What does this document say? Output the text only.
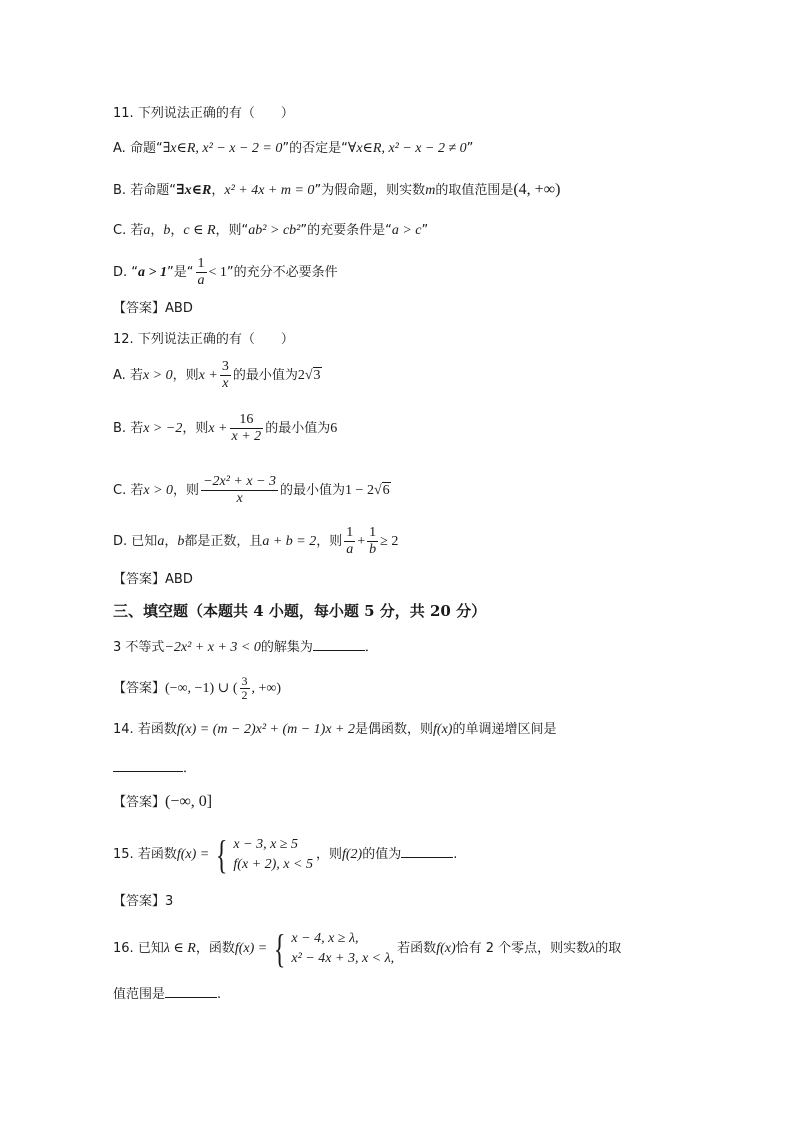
11. 下列说法正确的有（　　）
A. 命题“∃x∈R, x² − x − 2 = 0”的否定是“∀x∈R, x² − x − 2 ≠ 0”
B. 若命题“∃x∈R，x² + 4x + m = 0”为假命题，则实数m的取值范围是(4, +∞)
C. 若a，b，c ∈ R，则“ab² > cb²”的充要条件是“a > c”
D. “a > 1”是“ $\frac{1}{a} < 1$”的充分不必要条件
【答案】ABD
12. 下列说法正确的有（　　）
A. 若x > 0，则$x + \frac{3}{x}$ 的最小值为2√3
B. 若x > −2，则$x + \frac{16}{x + 2}$ 的最小值为6
C. 若x > 0，则 $\frac{\text{−2x² + x − 3}}{x}$ 的最小值为1 − 2√6
D. 已知a，b都是正数，且a + b = 2，则 $\frac{1}{a} + \frac{1}{b} \ge 2$
【答案】ABD
三、填空题（本题共 4 小题，每小题 5 分，共 20 分）
3 不等式−2x² + x + 3 < 0的解集为	．
【答案】(−∞, −1) ∪ ( $\frac{3}{2}$ , +∞)
14. 若函数f(x) = (m − 2)x² + (m − 1)x + 2是偶函数，则f(x)的单调递增区间是
．
【答案】(−∞, 0]
15. 若函数f(x) = { x − 3, x ≥ 5
f(x + 2), x < 5
，则f(2)的值为	.
【答案】3
16. 已知λ ∈ R，函数f(x) = { x − 4, x ≥ λ,
x² − 4x + 3, x < λ,
若函数f(x)恰有 2 个零点，则实数λ的取
值范围是	.
